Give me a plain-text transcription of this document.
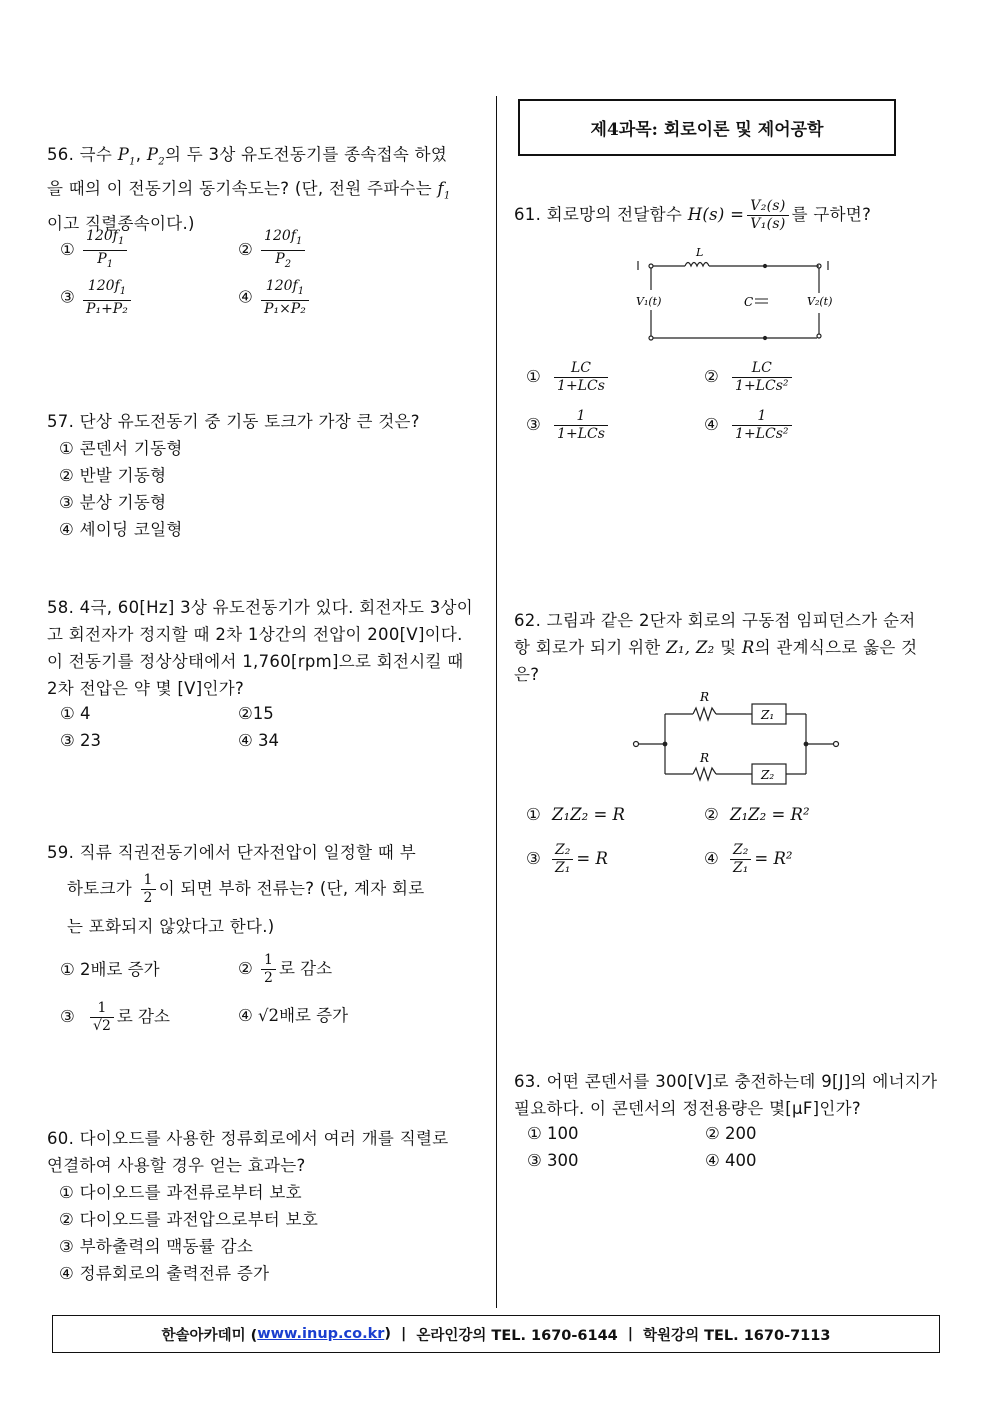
제4과목: 회로이론 및 제어공학
56. 극수 $P_1$, $P_2$의 두 3상 유도전동기를 종속접속 하였
을 때의 이 전동기의 동기속도는? (단, 전원 주파수는 $f_1$
이고 직렬종속이다.)
① $\frac{120f_1}{P_1}$	② $\frac{120f_1}{P_2}$
③ $\frac{120f_1}{\text{P₁+P₂}}$	④ $\frac{120f_1}{\text{P₁×P₂}}$
57. 단상 유도전동기 중 기동 토크가 가장 큰 것은?
① 콘덴서 기동형
② 반발 기동형
③ 분상 기동형
④ 셰이딩 코일형
58. 4극, 60[Hz] 3상 유도전동기가 있다. 회전자도 3상이
고 회전자가 정지할 때 2차 1상간의 전압이 200[V]이다.
이 전동기를 정상상태에서 1,760[rpm]으로 회전시킬 때
2차 전압은 약 몇 [V]인가?
① 4	②15
③ 23	④ 34
59. 직류 직권전동기에서 단자전압이 일정할 때 부
하토크가 $\frac{1}{2}$ 이 되면 부하 전류는? (단, 계자 회로
는 포화되지 않았다고 한다.)
① 2배로 증가	② $\frac{1}{2}$ 로 감소
③ $\frac{1}{√2}$ 로 감소	④ √2배로 증가
60. 다이오드를 사용한 정류회로에서 여러 개를 직렬로
연결하여 사용할 경우 얻는 효과는?
① 다이오드를 과전류로부터 보호
② 다이오드를 과전압으로부터 보호
③ 부하출력의 맥동률 감소
④ 정류회로의 출력전류 증가
61. 회로망의 전달함수 $H(s) = \frac{\text{V₂(s)}}{\text{V₁(s)}}$ 를 구하면?
L
C
V₁(t)	V₂(t)
① $\frac{LC}{\text{1+LCs}}$	② $\frac{LC}{\text{1+LCs²}}$
③ $\frac{1}{\text{1+LCs}}$	④ $\frac{1}{\text{1+LCs²}}$
62. 그림과 같은 2단자 회로의 구동점 임피던스가 순저
항 회로가 되기 위한 Z₁, Z₂ 및 R의 관계식으로 옳은 것
은?
R
R
Z₁
Z₂
① Z₁Z₂ = R	② Z₁Z₂ = R²
③ $\frac{\text{Z₂}}{\text{Z₁}} = R$	④ $\frac{\text{Z₂}}{\text{Z₁}} = R^2$
63. 어떤 콘덴서를 300[V]로 충전하는데 9[J]의 에너지가
필요하다. 이 콘덴서의 정전용량은 몇[μF]인가?
① 100	② 200
③ 300	④ 400
한솔아카데미 ( www.inup.co.kr ) | 온라인강의 TEL. 1670-6144 | 학원강의 TEL. 1670-7113
